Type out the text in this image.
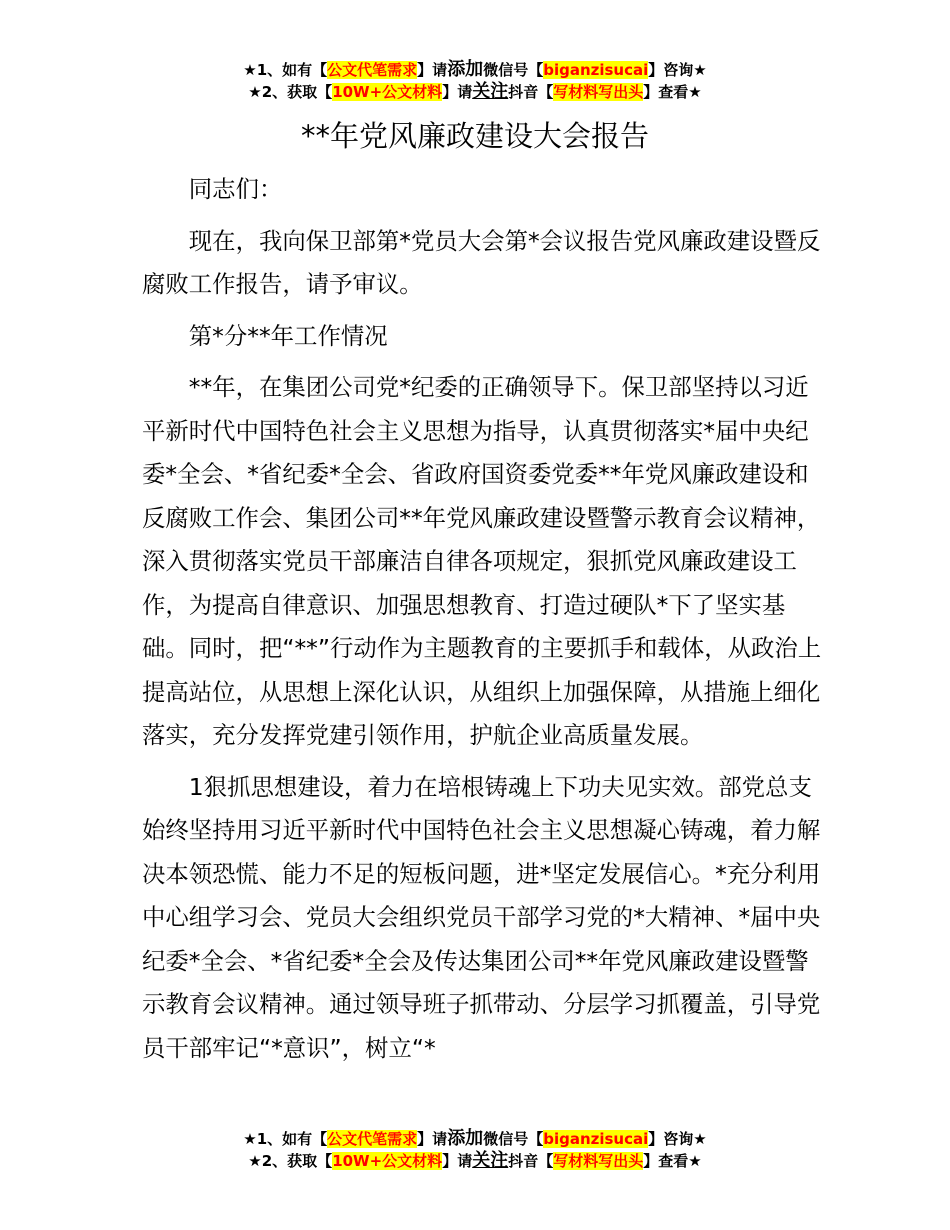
★1、如有【公文代笔需求】请添加微信号【biganzisucai】咨询★
★2、获取【10W+公文材料】请关注抖音【写材料写出头】查看★
**年党风廉政建设大会报告

同志们：

现在，我向保卫部第*党员大会第*会议报告党风廉政建设暨反腐败工作报告，请予审议。

第*分**年工作情况

**年，在集团公司党*纪委的正确领导下。保卫部坚持以习近平新时代中国特色社会主义思想为指导，认真贯彻落实*届中央纪委*全会、*省纪委*全会、省政府国资委党委**年党风廉政建设和反腐败工作会、集团公司**年党风廉政建设暨警示教育会议精神，深入贯彻落实党员干部廉洁自律各项规定，狠抓党风廉政建设工作，为提高自律意识、加强思想教育、打造过硬队*下了坚实基础。同时，把“**”行动作为主题教育的主要抓手和载体，从政治上提高站位，从思想上深化认识，从组织上加强保障，从措施上细化落实，充分发挥党建引领作用，护航企业高质量发展。

1狠抓思想建设，着力在培根铸魂上下功夫见实效。部党总支始终坚持用习近平新时代中国特色社会主义思想凝心铸魂，着力解决本领恐慌、能力不足的短板问题，进*坚定发展信心。*充分利用中心组学习会、党员大会组织党员干部学习党的*大精神、*届中央纪委*全会、*省纪委*全会及传达集团公司**年党风廉政建设暨警示教育会议精神。通过领导班子抓带动、分层学习抓覆盖，引导党员干部牢记“*意识”，树立“*

★1、如有【公文代笔需求】请添加微信号【biganzisucai】咨询★
★2、获取【10W+公文材料】请关注抖音【写材料写出头】查看★
